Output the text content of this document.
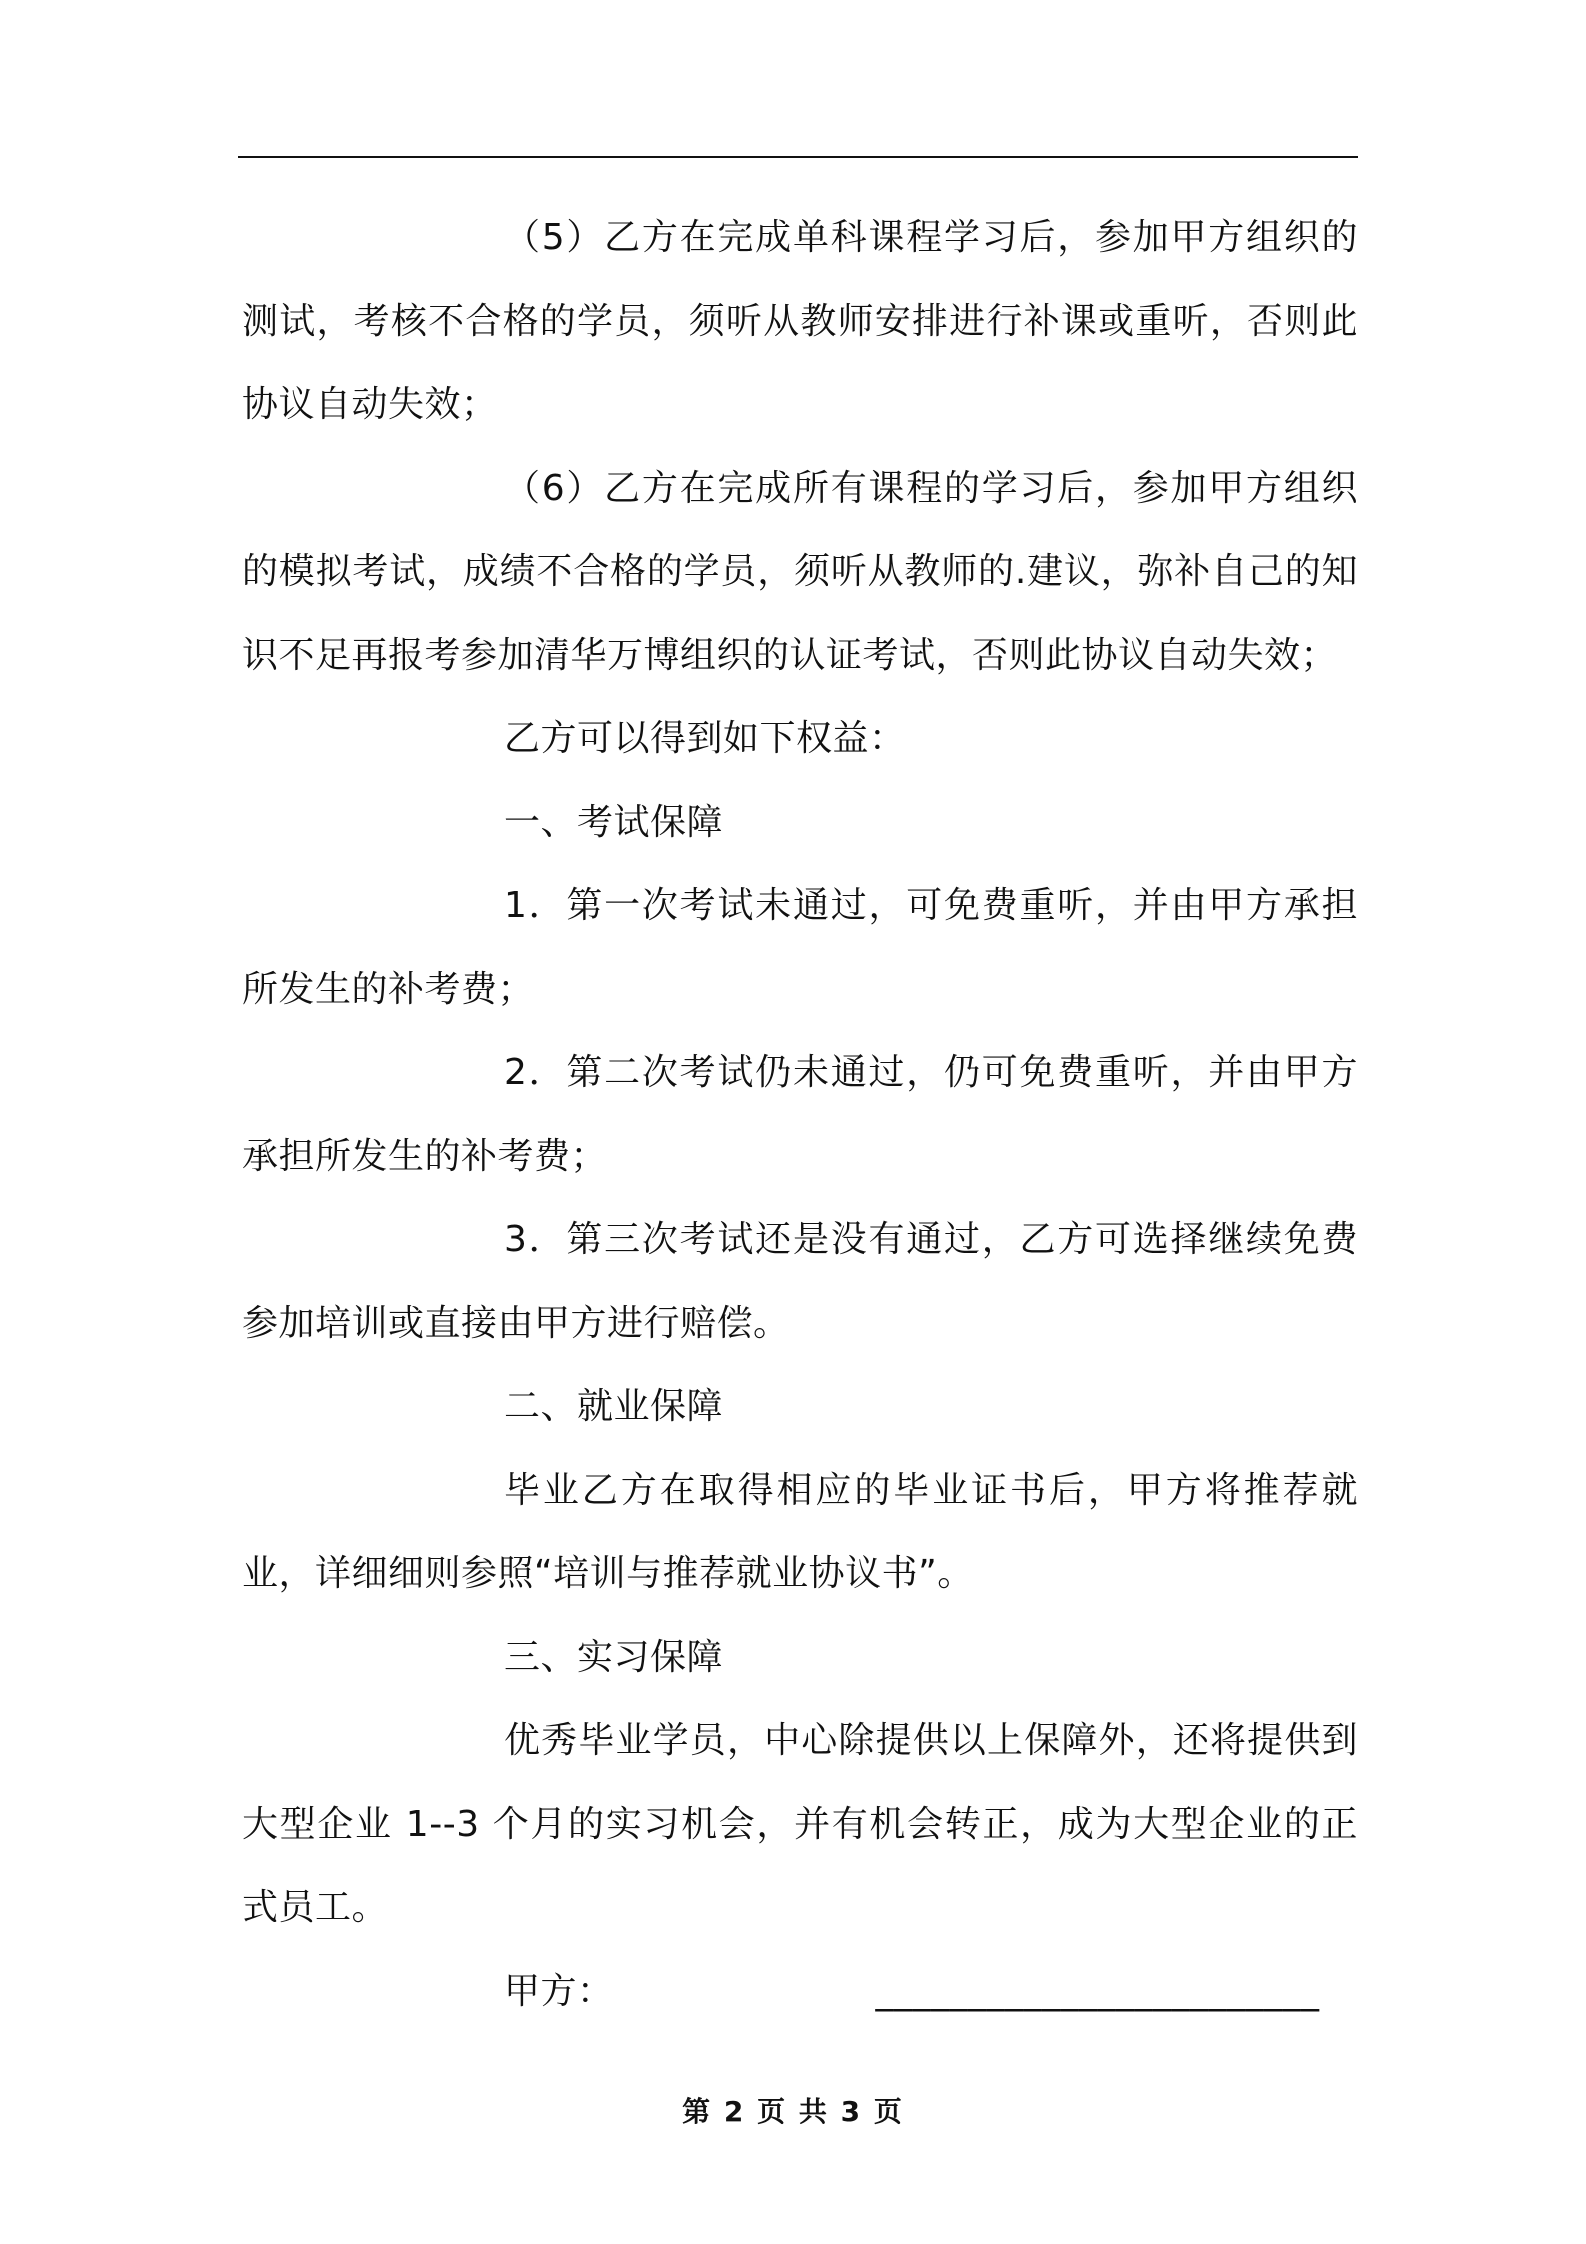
（5）乙方在完成单科课程学习后，参加甲方组织的测试，考核不合格的学员，须听从教师安排进行补课或重听，否则此协议自动失效；

（6）乙方在完成所有课程的学习后，参加甲方组织的模拟考试，成绩不合格的学员，须听从教师的.建议，弥补自己的知识不足再报考参加清华万博组织的认证考试，否则此协议自动失效；

乙方可以得到如下权益：

一、考试保障

1．第一次考试未通过，可免费重听，并由甲方承担所发生的补考费；

2．第二次考试仍未通过，仍可免费重听，并由甲方承担所发生的补考费；

3．第三次考试还是没有通过，乙方可选择继续免费参加培训或直接由甲方进行赔偿。

二、就业保障

毕业乙方在取得相应的毕业证书后，甲方将推荐就业，详细细则参照“培训与推荐就业协议书”。

三、实习保障

优秀毕业学员，中心除提供以上保障外，还将提供到大型企业 1--3 个月的实习机会，并有机会转正，成为大型企业的正式员工。

甲方：	________________________

第 2 页 共 3 页
